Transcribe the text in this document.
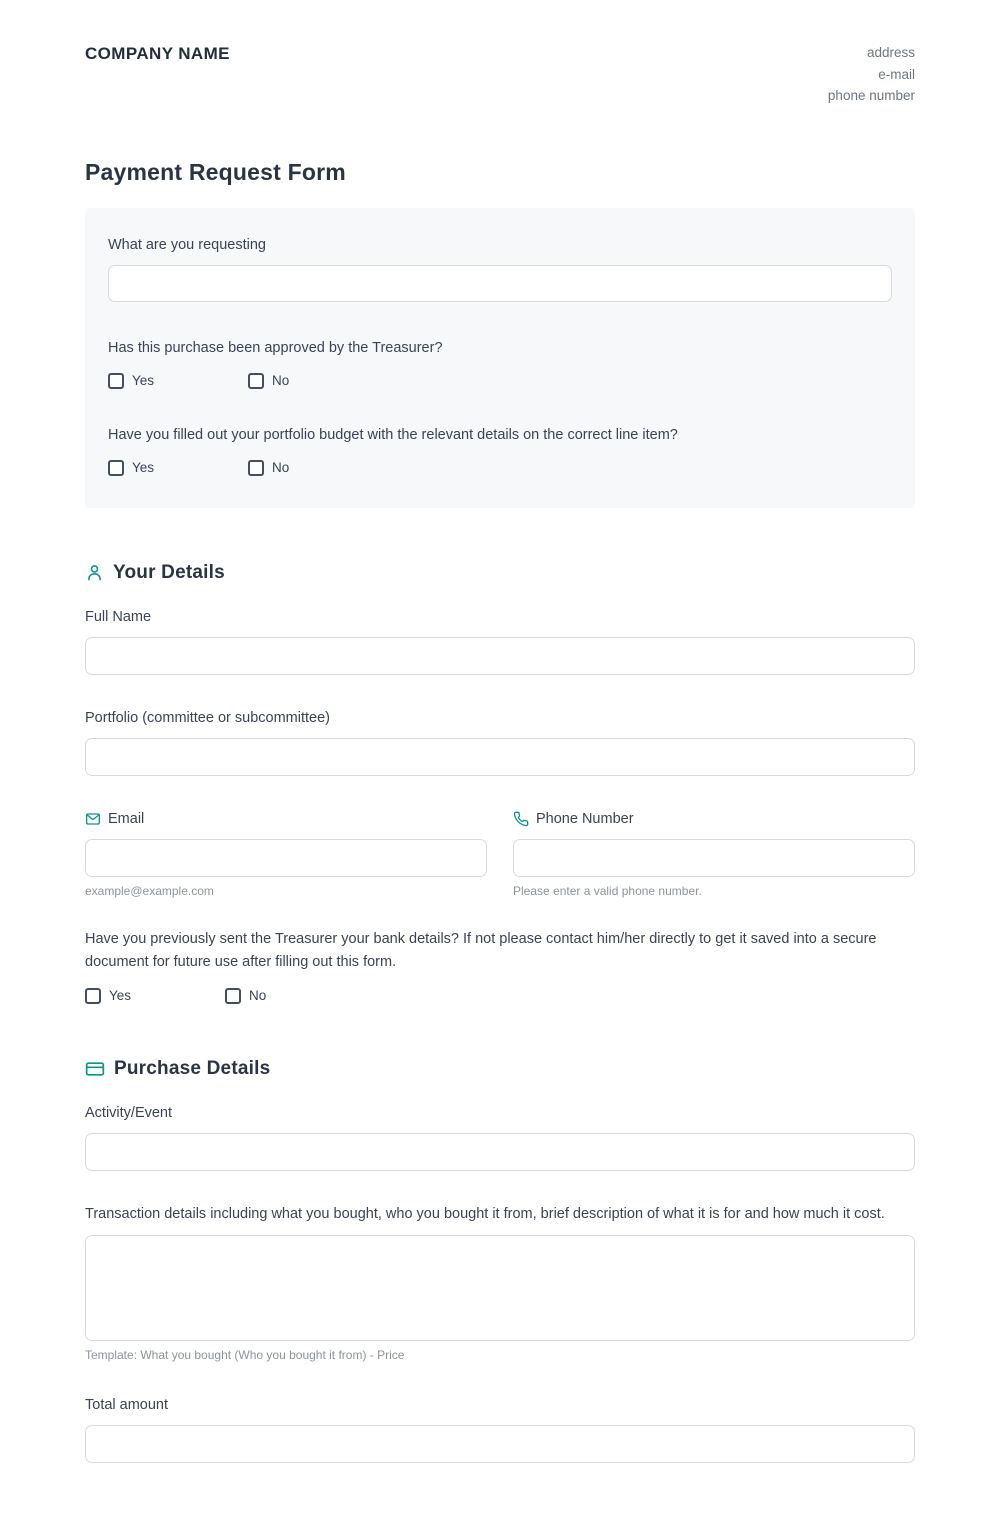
COMPANY NAME	address
e-mail
phone number
Payment Request Form
What are you requesting
Has this purchase been approved by the Treasurer?
Yes	No
Have you filled out your portfolio budget with the relevant details on the correct line item?
Yes	No
Your Details
Full Name
Portfolio (committee or subcommittee)
Email
example@example.com
Phone Number
Please enter a valid phone number.
Have you previously sent the Treasurer your bank details? If not please contact him/her directly to get it saved into a secure document for future use after filling out this form.
Yes	No
Purchase Details
Activity/Event
Transaction details including what you bought, who you bought it from, brief description of what it is for and how much it cost.
Template: What you bought (Who you bought it from) - Price
Total amount
